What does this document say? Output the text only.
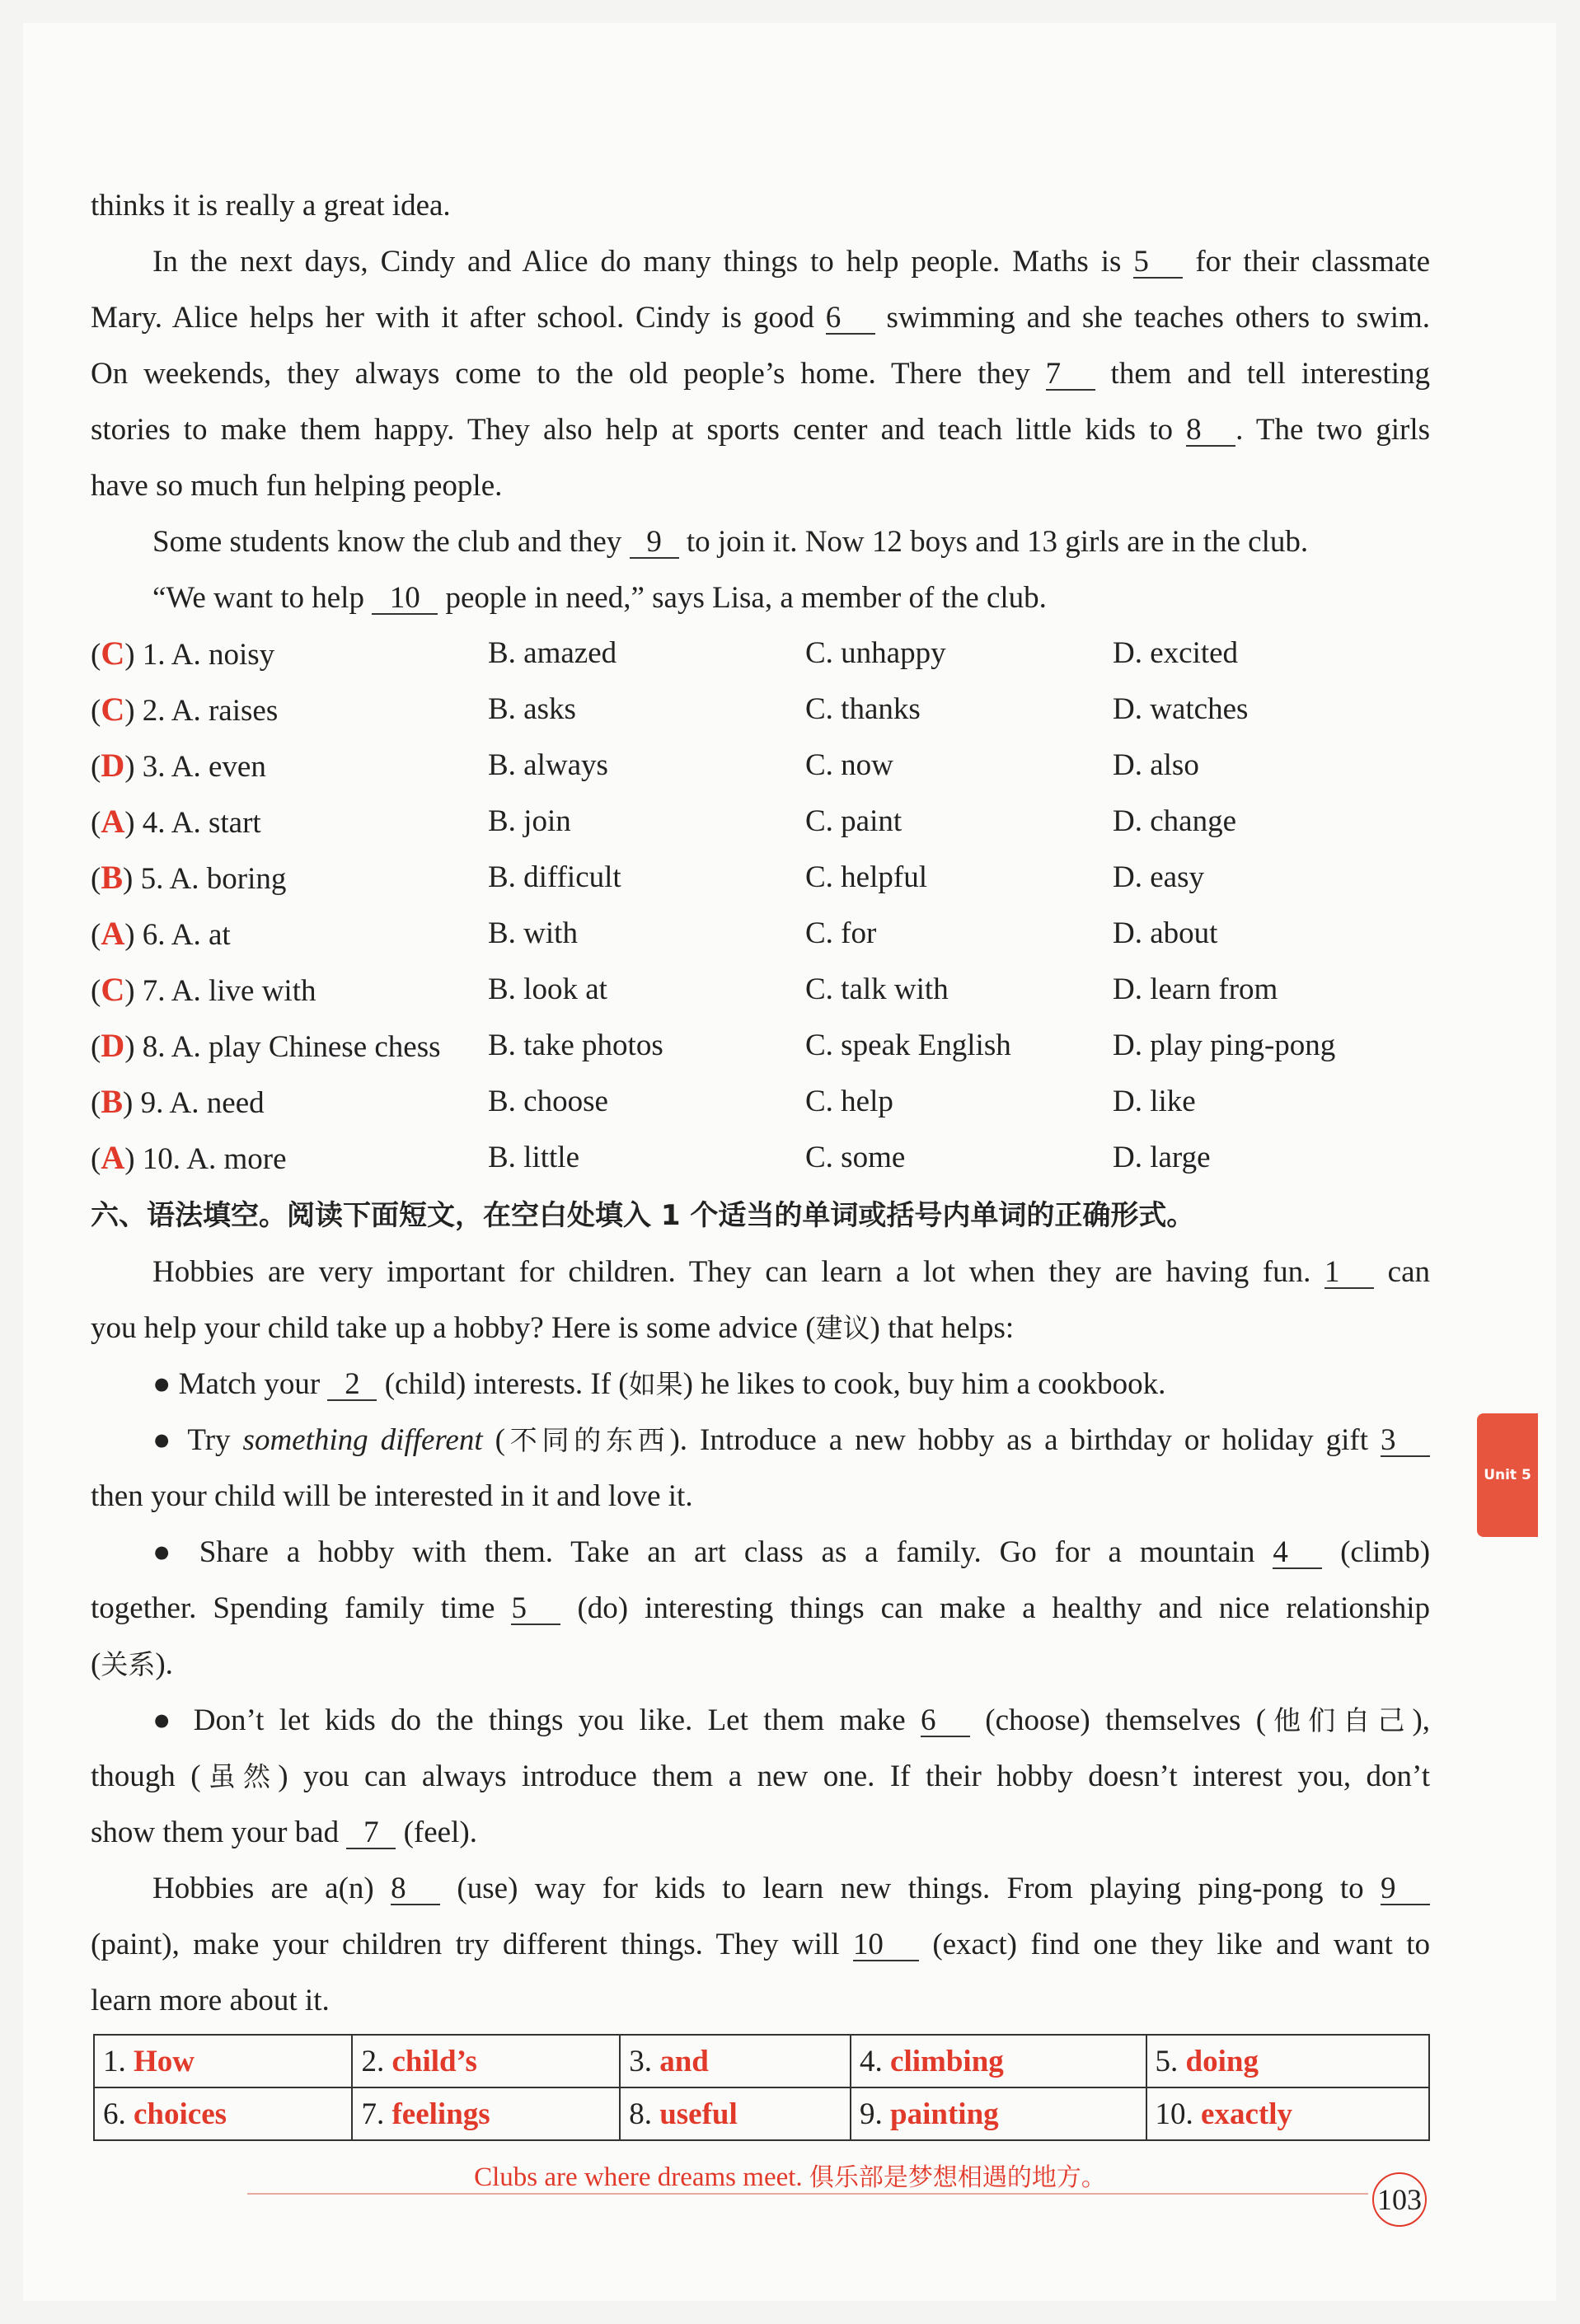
thinks it is really a great idea.
In the next days, Cindy and Alice do many things to help people. Maths is 5 for their classmate
Mary. Alice helps her with it after school. Cindy is good 6 swimming and she teaches others to swim.
On weekends, they always come to the old people’s home. There they 7 them and tell interesting
stories to make them happy. They also help at sports center and teach little kids to 8 . The two girls
have so much fun helping people.
Some students know the club and they 9 to join it. Now 12 boys and 13 girls are in the club.
“We want to help 10 people in need,” says Lisa, a member of the club.
(C) 1. A. noisy	B. amazed	C. unhappy	D. excited
(C) 2. A. raises	B. asks	C. thanks	D. watches
(D) 3. A. even	B. always	C. now	D. also
(A) 4. A. start	B. join	C. paint	D. change
(B) 5. A. boring	B. difficult	C. helpful	D. easy
(A) 6. A. at	B. with	C. for	D. about
(C) 7. A. live with	B. look at	C. talk with	D. learn from
(D) 8. A. play Chinese chess B. take photos	C. speak English	D. play ping-pong
(B) 9. A. need	B. choose	C. help	D. like
(A) 10. A. more	B. little	C. some	D. large
六、语法填空。阅读下面短文，在空白处填入 1 个适当的单词或括号内单词的正确形式。
Hobbies are very important for children. They can learn a lot when they are having fun. 1 can
you help your child take up a hobby? Here is some advice (建议) that helps:
● Match your 2 (child) interests. If (如果) he likes to cook, buy him a cookbook.
● Try something different (不同的东西). Introduce a new hobby as a birthday or holiday gift 3
then your child will be interested in it and love it.
● Share a hobby with them. Take an art class as a family. Go for a mountain 4 (climb)
together. Spending family time 5 (do) interesting things can make a healthy and nice relationship
(关系).
● Don’t let kids do the things you like. Let them make 6 (choose) themselves (他们自己),
though (虽然) you can always introduce them a new one. If their hobby doesn’t interest you, don’t
show them your bad 7 (feel).
Hobbies are a(n) 8 (use) way for kids to learn new things. From playing ping-pong to 9
(paint), make your children try different things. They will 10 (exact) find one they like and want to
learn more about it.
1. How	2. child’s	3. and	4. climbing	5. doing
6. choices	7. feelings	8. useful	9. painting	10. exactly
Clubs are where dreams meet. 俱乐部是梦想相遇的地方。
103
Unit 5
